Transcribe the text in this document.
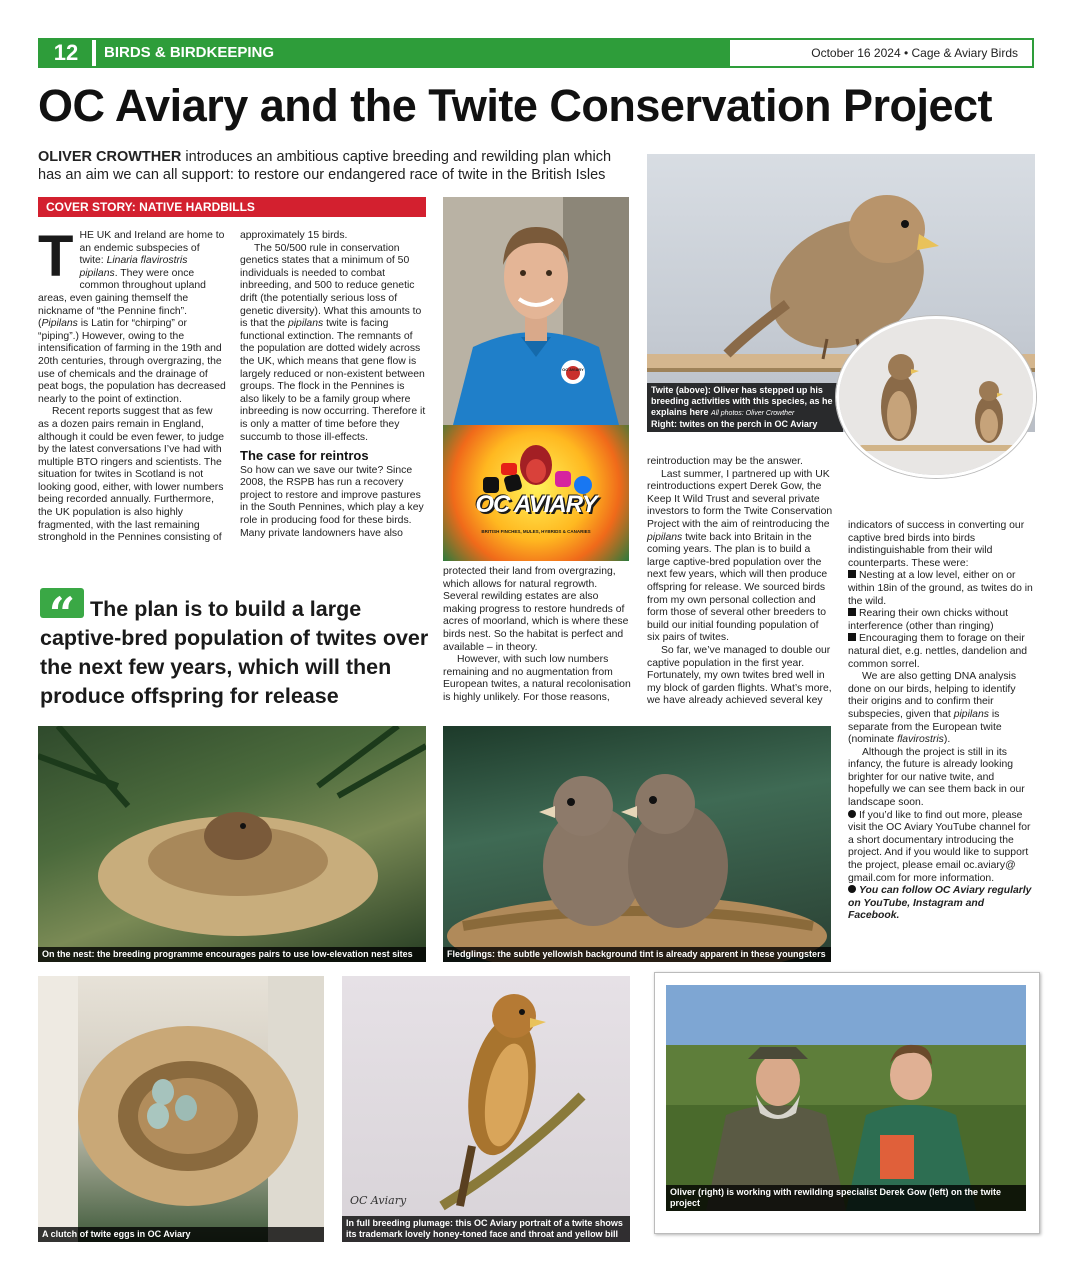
12	BIRDS & BIRDKEEPING	October 16 2024 • Cage & Aviary Birds
OC Aviary and the Twite Conservation Project
OLIVER CROWTHER introduces an ambitious captive breeding and rewilding plan which has an aim we can all support: to restore our endangered race of twite in the British Isles
COVER STORY: NATIVE HARDBILLS

THE UK and Ireland are home to an endemic subspecies of twite: Linaria flavirostris pipilans. They were once common throughout upland areas, even gaining themself the nickname of “the Pennine finch”. (Pipilans is Latin for “chirping” or “piping”.) However, owing to the intensification of farming in the 19th and 20th centuries, through overgrazing, the use of chemicals and the drainage of peat bogs, the population has decreased nearly to the point of extinction.

Recent reports suggest that as few as a dozen pairs remain in England, although it could be even fewer, to judge by the latest conversations I’ve had with multiple BTO ringers and scientists. The situation for twites in Scotland is not looking good, either, with lower numbers being recorded annually. Furthermore, the UK population is also highly fragmented, with the last remaining stronghold in the Pennines consisting of

approximately 15 birds.

The 50/500 rule in conservation genetics states that a minimum of 50 individuals is needed to combat inbreeding, and 500 to reduce genetic drift (the potentially serious loss of genetic diversity). What this amounts to is that the pipilans twite is facing functional extinction. The remnants of the population are dotted widely across the UK, which means that gene flow is largely reduced or non-existent between groups. The flock in the Pennines is also likely to be a family group where inbreeding is now occurring. Therefore it is only a matter of time before they succumb to those ill-effects.

The case for reintros

So how can we save our twite? Since 2008, the RSPB has run a recovery project to restore and improve pastures in the South Pennines, which play a key role in producing food for these birds. Many private landowners have also

“ The plan is to build a large captive-bred population of twites over the next few years, which will then produce offspring for release

protected their land from overgrazing, which allows for natural regrowth. Several rewilding estates are also making progress to restore hundreds of acres of moorland, which is where these birds nest. So the habitat is perfect and available – in theory.

However, with such low numbers remaining and no augmentation from European twites, a natural recolonisation is highly unlikely. For those reasons,

reintroduction may be the answer.

Last summer, I partnered up with UK reintroductions expert Derek Gow, the Keep It Wild Trust and several private investors to form the Twite Conservation Project with the aim of reintroducing the pipilans twite back into Britain in the coming years. The plan is to build a large captive-bred population over the next few years, which will then produce offspring for release. We sourced birds from my own personal collection and form those of several other breeders to build our initial founding population of six pairs of twites.

So far, we’ve managed to double our captive population in the first year. Fortunately, my own twites bred well in my block of garden flights. What’s more, we have already achieved several key

indicators of success in converting our captive bred birds into birds indistinguishable from their wild counterparts. These were:

Nesting at a low level, either on or within 18in of the ground, as twites do in the wild.

Rearing their own chicks without interference (other than ringing)

Encouraging them to forage on their natural diet, e.g. nettles, dandelion and common sorrel.

We are also getting DNA analysis done on our birds, helping to identify their origins and to confirm their subspecies, given that pipilans is separate from the European twite (nominate flavirostris).

Although the project is still in its infancy, the future is already looking brighter for our native twite, and hopefully we can see them back in our landscape soon.

If you’d like to find out more, please visit the OC Aviary YouTube channel for a short documentary introducing the project. And if you would like to support the project, please email oc.aviary@ gmail.com for more information.

You can follow OC Aviary regularly on YouTube, Instagram and Facebook.

OC AVIARY
OC AVIARY
BRITISH FINCHES, MULES, HYBRIDS & CANARIES
Twite (above): Oliver has stepped up his breeding activities with this species, as he explains here All photos: Oliver Crowther
Right: twites on the perch in OC Aviary
On the nest: the breeding programme encourages pairs to use low-elevation nest sites	Fledglings: the subtle yellowish background tint is already apparent in these youngsters
A clutch of twite eggs in OC Aviary
OC Aviary
In full breeding plumage: this OC Aviary portrait of a twite shows its trademark lovely honey-toned face and throat and yellow bill
Oliver (right) is working with rewilding specialist Derek Gow (left) on the twite project
